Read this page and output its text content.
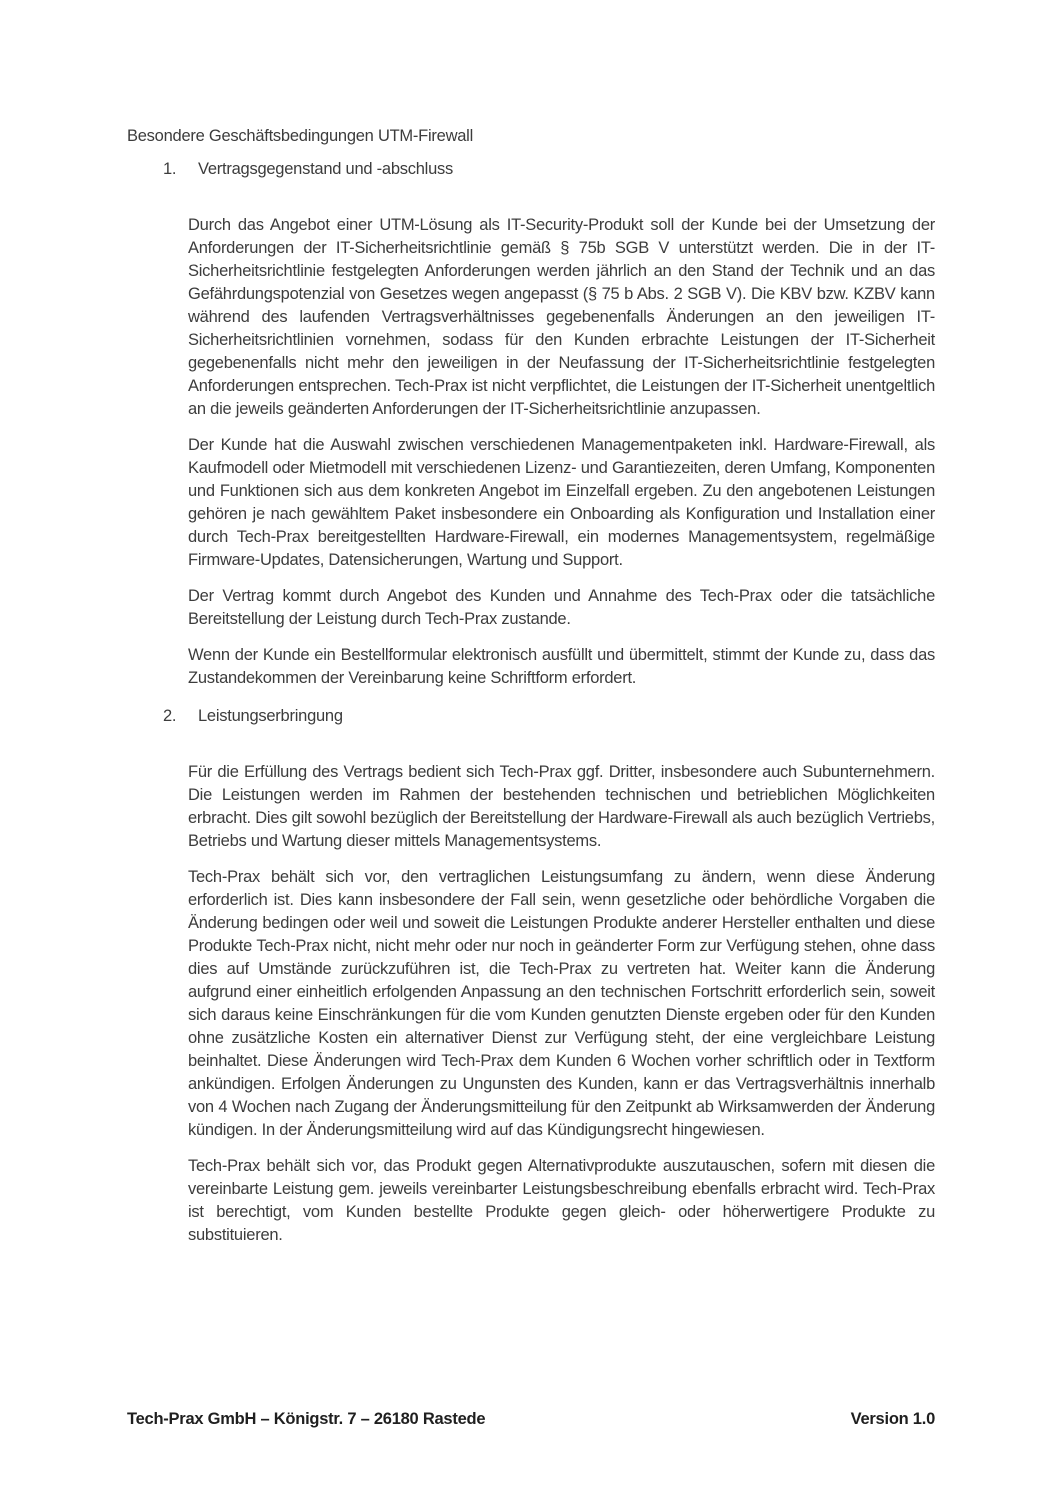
Besondere Geschäftsbedingungen UTM-Firewall
1.	Vertragsgegenstand und -abschluss

Durch das Angebot einer UTM-Lösung als IT-Security-Produkt soll der Kunde bei der Umsetzung der Anforderungen der IT-Sicherheitsrichtlinie gemäß § 75b SGB V unterstützt werden. Die in der IT-Sicherheitsrichtlinie festgelegten Anforderungen werden jährlich an den Stand der Technik und an das Gefährdungspotenzial von Gesetzes wegen angepasst (§ 75 b Abs. 2 SGB V). Die KBV bzw. KZBV kann während des laufenden Vertragsverhältnisses gegebenenfalls Änderungen an den jeweiligen IT-Sicherheitsrichtlinien vornehmen, sodass für den Kunden erbrachte Leistungen der IT-Sicherheit gegebenenfalls nicht mehr den jeweiligen in der Neufassung der IT-Sicherheitsrichtlinie festgelegten Anforderungen entsprechen. Tech-Prax ist nicht verpflichtet, die Leistungen der IT-Sicherheit unentgeltlich an die jeweils geänderten Anforderungen der IT-Sicherheitsrichtlinie anzupassen.

Der Kunde hat die Auswahl zwischen verschiedenen Managementpaketen inkl. Hardware-Firewall, als Kaufmodell oder Mietmodell mit verschiedenen Lizenz- und Garantiezeiten, deren Umfang, Komponenten und Funktionen sich aus dem konkreten Angebot im Einzelfall ergeben. Zu den angebotenen Leistungen gehören je nach gewähltem Paket insbesondere ein Onboarding als Konfiguration und Installation einer durch Tech-Prax bereitgestellten Hardware-Firewall, ein modernes Managementsystem, regelmäßige Firmware-Updates, Datensicherungen, Wartung und Support.

Der Vertrag kommt durch Angebot des Kunden und Annahme des Tech-Prax oder die tatsächliche Bereitstellung der Leistung durch Tech-Prax zustande.

Wenn der Kunde ein Bestellformular elektronisch ausfüllt und übermittelt, stimmt der Kunde zu, dass das Zustandekommen der Vereinbarung keine Schriftform erfordert.

2.	Leistungserbringung

Für die Erfüllung des Vertrags bedient sich Tech-Prax ggf. Dritter, insbesondere auch Subunternehmern. Die Leistungen werden im Rahmen der bestehenden technischen und betrieblichen Möglichkeiten erbracht. Dies gilt sowohl bezüglich der Bereitstellung der Hardware-Firewall als auch bezüglich Vertriebs, Betriebs und Wartung dieser mittels Managementsystems.

Tech-Prax behält sich vor, den vertraglichen Leistungsumfang zu ändern, wenn diese Änderung erforderlich ist. Dies kann insbesondere der Fall sein, wenn gesetzliche oder behördliche Vorgaben die Änderung bedingen oder weil und soweit die Leistungen Produkte anderer Hersteller enthalten und diese Produkte Tech-Prax nicht, nicht mehr oder nur noch in geänderter Form zur Verfügung stehen, ohne dass dies auf Umstände zurückzuführen ist, die Tech-Prax zu vertreten hat. Weiter kann die Änderung aufgrund einer einheitlich erfolgenden Anpassung an den technischen Fortschritt erforderlich sein, soweit sich daraus keine Einschränkungen für die vom Kunden genutzten Dienste ergeben oder für den Kunden ohne zusätzliche Kosten ein alternativer Dienst zur Verfügung steht, der eine vergleichbare Leistung beinhaltet. Diese Änderungen wird Tech-Prax dem Kunden 6 Wochen vorher schriftlich oder in Textform ankündigen. Erfolgen Änderungen zu Ungunsten des Kunden, kann er das Vertragsverhältnis innerhalb von 4 Wochen nach Zugang der Änderungsmitteilung für den Zeitpunkt ab Wirksamwerden der Änderung kündigen. In der Änderungsmitteilung wird auf das Kündigungsrecht hingewiesen.

Tech-Prax behält sich vor, das Produkt gegen Alternativprodukte auszutauschen, sofern mit diesen die vereinbarte Leistung gem. jeweils vereinbarter Leistungsbeschreibung ebenfalls erbracht wird. Tech-Prax ist berechtigt, vom Kunden bestellte Produkte gegen gleich- oder höherwertigere Produkte zu substituieren.

Tech-Prax GmbH – Königstr. 7 – 26180 Rastede	Version 1.0
